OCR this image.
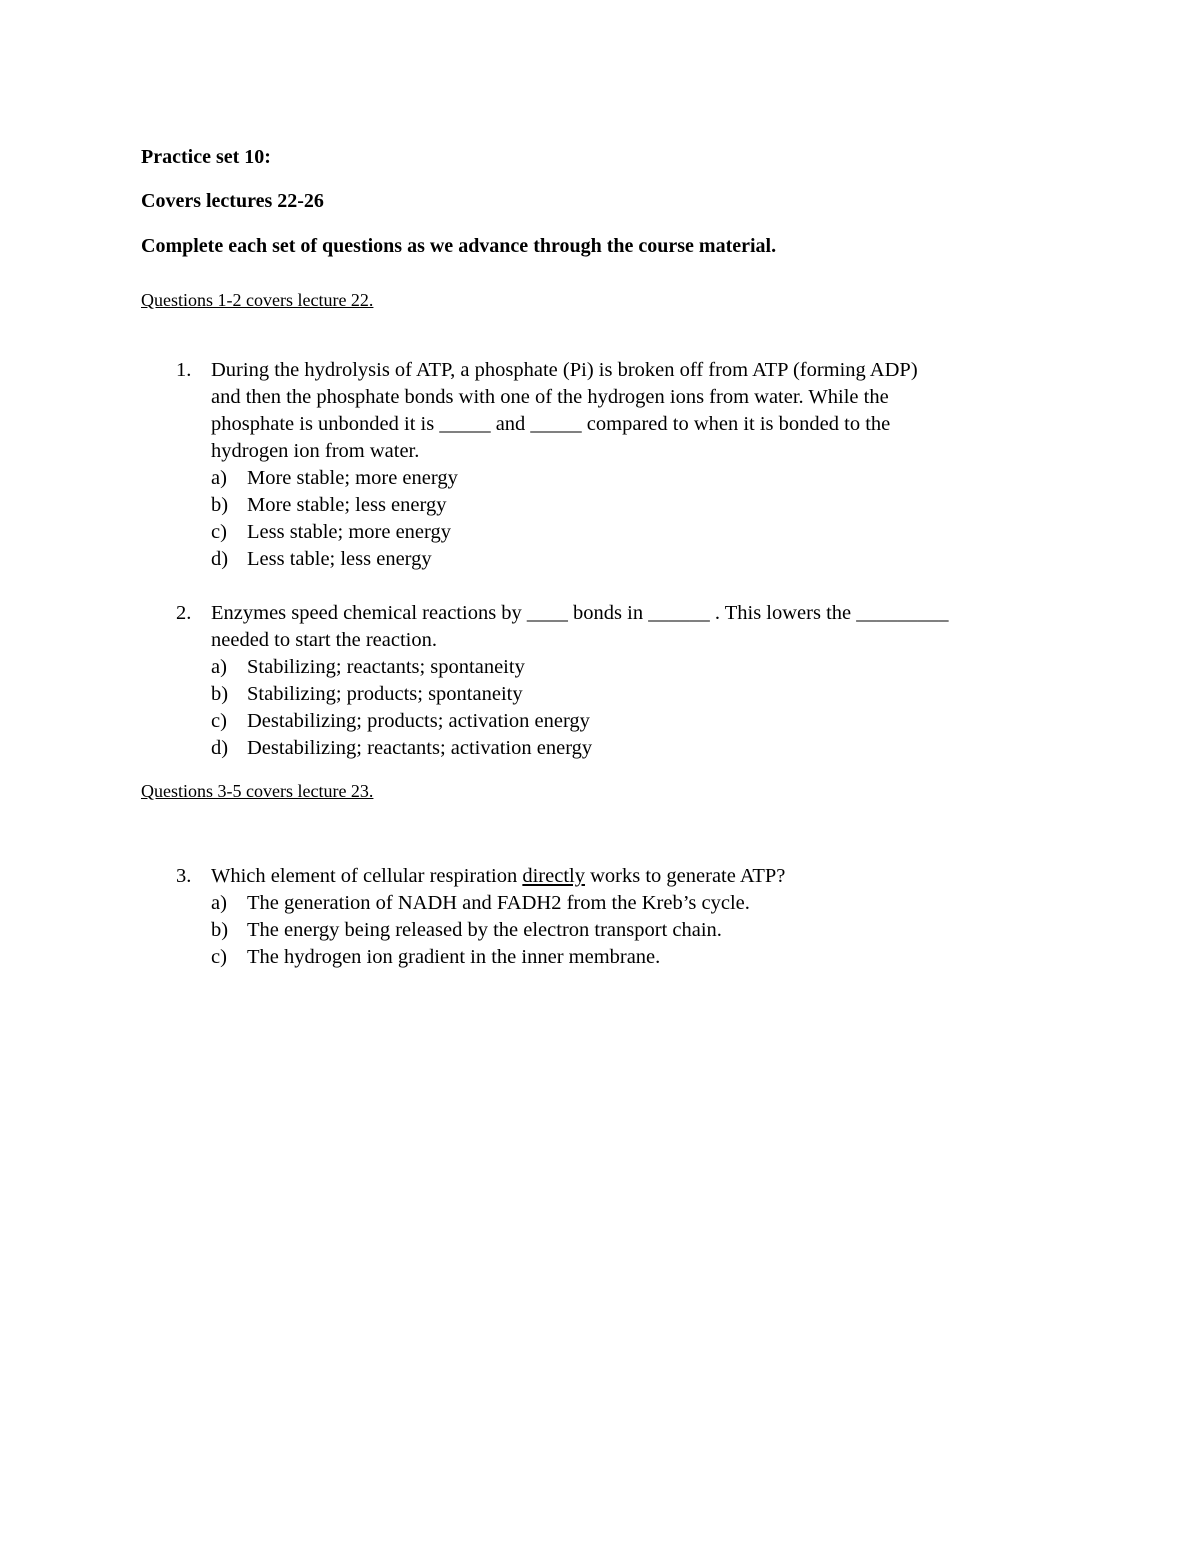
Practice set 10:
Covers lectures 22-26
Complete each set of questions as we advance through the course material.
Questions 1-2 covers lecture 22.
1. During the hydrolysis of ATP, a phosphate (Pi) is broken off from ATP (forming ADP)
and then the phosphate bonds with one of the hydrogen ions from water. While the
phosphate is unbonded it is _____ and _____ compared to when it is bonded to the
hydrogen ion from water.
a) More stable; more energy
b) More stable; less energy
c) Less stable; more energy
d) Less table; less energy
2. Enzymes speed chemical reactions by ____ bonds in ______ . This lowers the _________
needed to start the reaction.
a) Stabilizing; reactants; spontaneity
b) Stabilizing; products; spontaneity
c) Destabilizing; products; activation energy
d) Destabilizing; reactants; activation energy
Questions 3-5 covers lecture 23.
3. Which element of cellular respiration directly works to generate ATP?
a) The generation of NADH and FADH2 from the Kreb’s cycle.
b) The energy being released by the electron transport chain.
c) The hydrogen ion gradient in the inner membrane.
